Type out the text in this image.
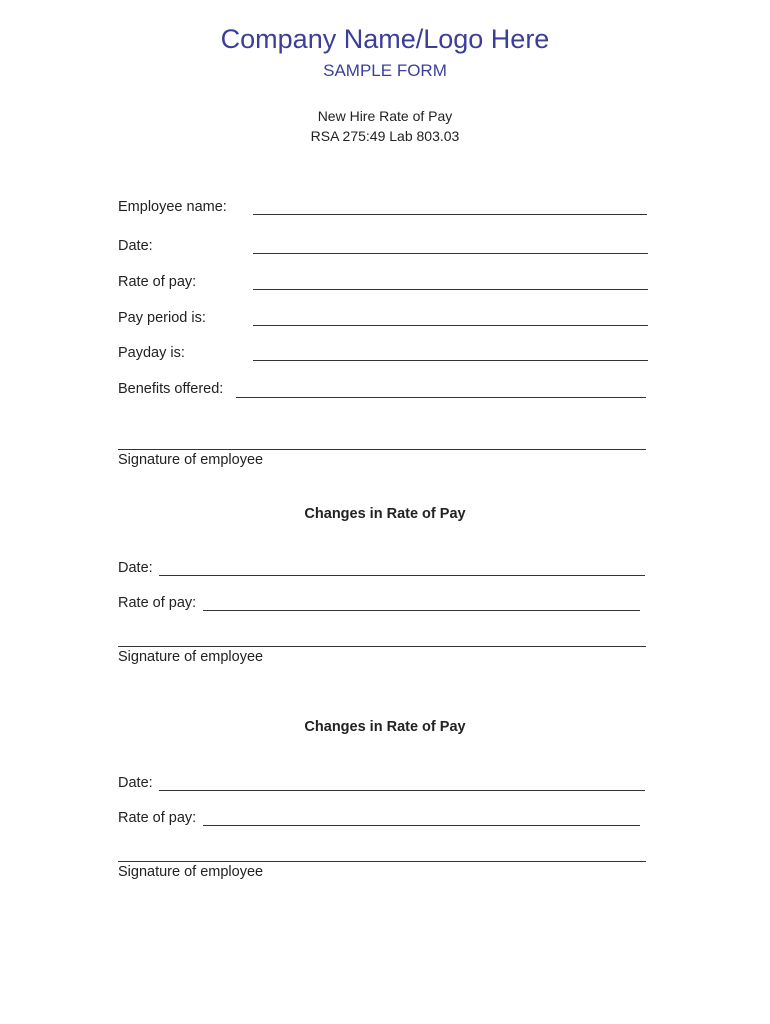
Company Name/Logo Here
SAMPLE FORM
New Hire Rate of Pay
RSA 275:49 Lab 803.03
Employee name:
Date:
Rate of pay:
Pay period is:
Payday is:
Benefits offered:
Signature of employee
Changes in Rate of Pay
Date:
Rate of pay:
Signature of employee
Changes in Rate of Pay
Date:
Rate of pay:
Signature of employee
